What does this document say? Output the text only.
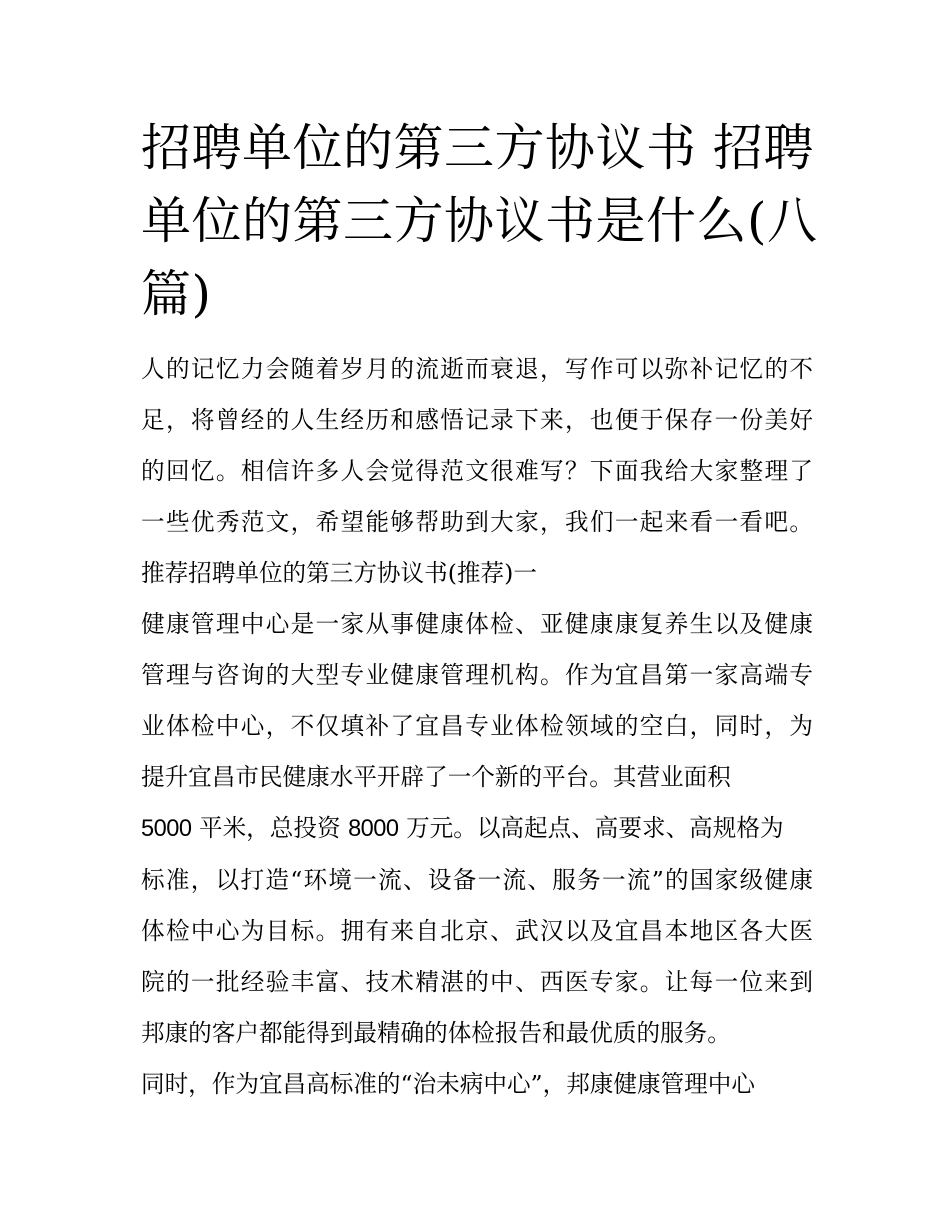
招聘单位的第三方协议书 招聘
单位的第三方协议书是什么(八
篇)

人的记忆力会随着岁月的流逝而衰退，写作可以弥补记忆的不
足，将曾经的人生经历和感悟记录下来，也便于保存一份美好
的回忆。相信许多人会觉得范文很难写？下面我给大家整理了
一些优秀范文，希望能够帮助到大家，我们一起来看一看吧。

推荐招聘单位的第三方协议书(推荐)一

健康管理中心是一家从事健康体检、亚健康康复养生以及健康
管理与咨询的大型专业健康管理机构。作为宜昌第一家高端专
业体检中心，不仅填补了宜昌专业体检领域的空白，同时，为
提升宜昌市民健康水平开辟了一个新的平台。其营业面积
5000 平米，总投资 8000 万元。以高起点、高要求、高规格为
标准，以打造“环境一流、设备一流、服务一流”的国家级健康
体检中心为目标。拥有来自北京、武汉以及宜昌本地区各大医
院的一批经验丰富、技术精湛的中、西医专家。让每一位来到
邦康的客户都能得到最精确的体检报告和最优质的服务。

同时，作为宜昌高标准的“治未病中心”，邦康健康管理中心
